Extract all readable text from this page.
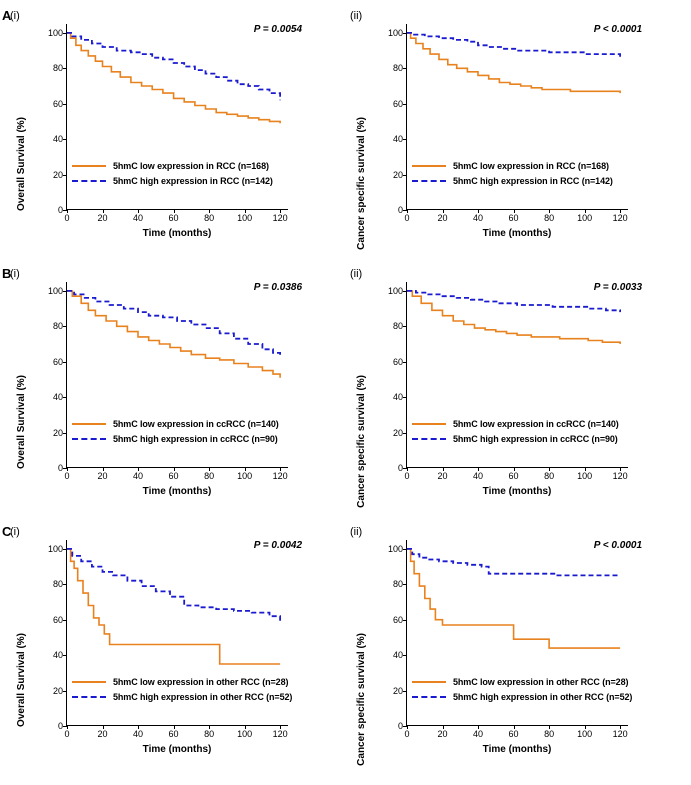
A
(i)
P = 0.0054
Overall Survival (%)
Time (months)
0
20
40
60
80
100
0	20	40	60	80	100 120
5hmC low expression in RCC (n=168)
5hmC high expression in RCC (n=142)
(ii)
P < 0.0001
Cancer specific survival (%)	Time (months)
0
20
40
60
80
100
0	20	40	60	80	100 120
5hmC low expression in RCC (n=168)
5hmC high expression in RCC (n=142)
B
(i)
P = 0.0386
Overall Survival (%)
Time (months)
0
20
40
60
80
100
0	20	40	60	80	100 120
5hmC low expression in ccRCC (n=140)
5hmC high expression in ccRCC (n=90)
(ii)
P = 0.0033
Cancer specific survival (%)	Time (months)
0
20
40
60
80
100
0	20	40	60	80	100 120
5hmC low expression in ccRCC (n=140)
5hmC high expression in ccRCC (n=90)
C
(i)
P = 0.0042
Overall Survival (%)
Time (months)
0
20
40
60
80
100
0	20	40	60	80	100 120
5hmC low expression in other RCC (n=28)
5hmC high expression in other RCC (n=52)
(ii)
P < 0.0001
Cancer specific survival (%)	Time (months)
0
20
40
60
80
100
0	20	40	60	80	100 120
5hmC low expression in other RCC (n=28)
5hmC high expression in other RCC (n=52)
